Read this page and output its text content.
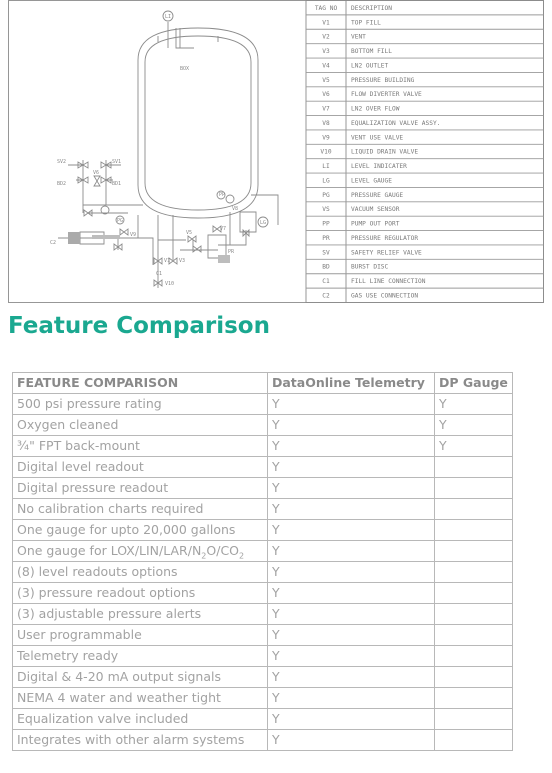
LI
BOX
SV2	SV1
V6
BD2	BD1
PG
V9
PP
V8
LG
V5
V7
V1 V3
C1
C2
V10
PR
TAG NO DESCRIPTION
V1	TOP FILL
V2	VENT
V3	BOTTOM FILL
V4	LN2 OUTLET
V5	PRESSURE BUILDING
V6	FLOW DIVERTER VALVE
V7	LN2 OVER FLOW
V8	EQUALIZATION VALVE ASSY.
V9	VENT USE VALVE
V10	LIQUID DRAIN VALVE
LI	LEVEL INDICATER
LG	LEVEL GAUGE
PG	PRESSURE GAUGE
VS	VACUUM SENSOR
PP	PUMP OUT PORT
PR	PRESSURE REGULATOR
SV	SAFETY RELIEF VALVE
BD	BURST DISC
C1	FILL LINE CONNECTION
C2	GAS USE CONNECTION
Feature Comparison
FEATURE COMPARISON	DataOnline Telemetry	DP Gauge
500 psi pressure rating	Y	Y
Oxygen cleaned	Y	Y
¾" FPT back-mount	Y	Y
Digital level readout	Y	
Digital pressure readout	Y	
No calibration charts required	Y	
One gauge for upto 20,000 gallons	Y	
One gauge for LOX/$LIN/LAR/N_2O/CO_2$	Y	
(8) level readouts options	Y	
(3) pressure readout options	Y	
(3) adjustable pressure alerts	Y	
User programmable	Y	
Telemetry ready	Y	
Digital & 4-20 mA output signals	Y	
NEMA 4 water and weather tight	Y	
Equalization valve included	Y	
Integrates with other alarm systems	Y	
